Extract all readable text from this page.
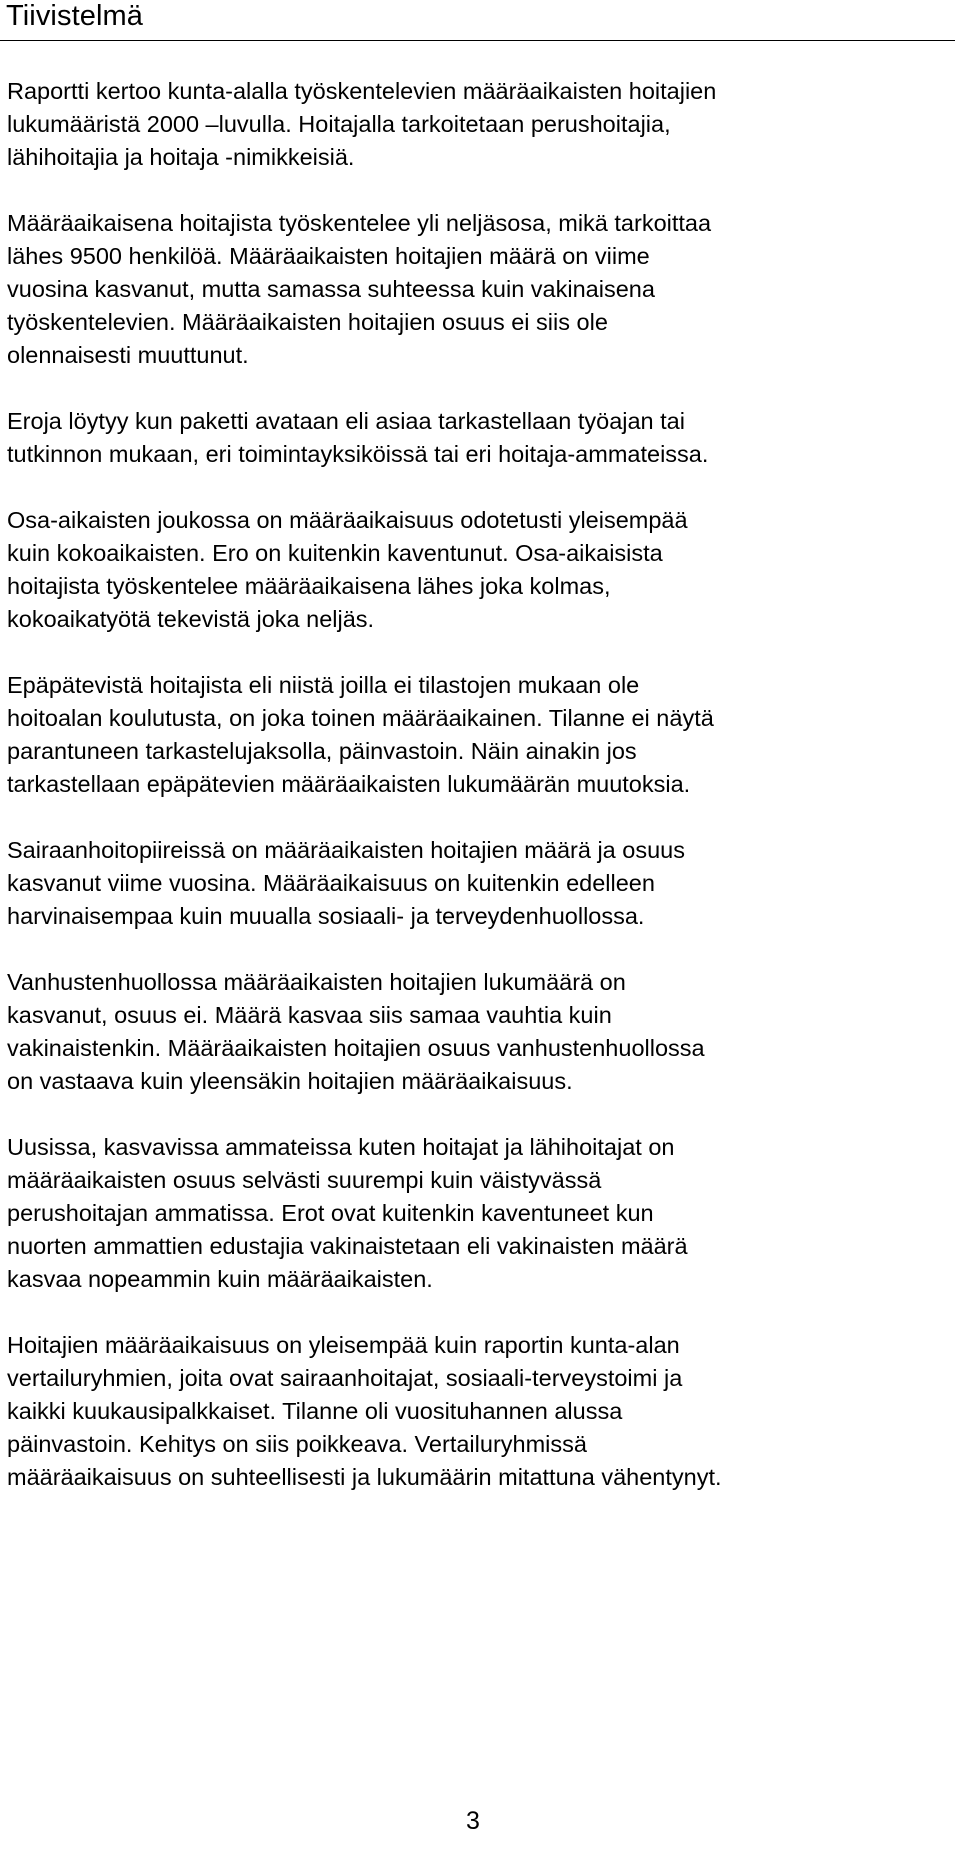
Tiivistelmä

Raportti kertoo kunta-alalla työskentelevien määräaikaisten hoitajien
lukumääristä 2000 –luvulla. Hoitajalla tarkoitetaan perushoitajia,
lähihoitajia ja hoitaja -nimikkeisiä.

Määräaikaisena hoitajista työskentelee yli neljäsosa, mikä tarkoittaa
lähes 9500 henkilöä. Määräaikaisten hoitajien määrä on viime
vuosina kasvanut, mutta samassa suhteessa kuin vakinaisena
työskentelevien. Määräaikaisten hoitajien osuus ei siis ole
olennaisesti muuttunut.

Eroja löytyy kun paketti avataan eli asiaa tarkastellaan työajan tai
tutkinnon mukaan, eri toimintayksiköissä tai eri hoitaja-ammateissa.

Osa-aikaisten joukossa on määräaikaisuus odotetusti yleisempää
kuin kokoaikaisten. Ero on kuitenkin kaventunut. Osa-aikaisista
hoitajista työskentelee määräaikaisena lähes joka kolmas,
kokoaikatyötä tekevistä joka neljäs.

Epäpätevistä hoitajista eli niistä joilla ei tilastojen mukaan ole
hoitoalan koulutusta, on joka toinen määräaikainen. Tilanne ei näytä
parantuneen tarkastelujaksolla, päinvastoin. Näin ainakin jos
tarkastellaan epäpätevien määräaikaisten lukumäärän muutoksia.

Sairaanhoitopiireissä on määräaikaisten hoitajien määrä ja osuus
kasvanut viime vuosina. Määräaikaisuus on kuitenkin edelleen
harvinaisempaa kuin muualla sosiaali- ja terveydenhuollossa.

Vanhustenhuollossa määräaikaisten hoitajien lukumäärä on
kasvanut, osuus ei. Määrä kasvaa siis samaa vauhtia kuin
vakinaistenkin. Määräaikaisten hoitajien osuus vanhustenhuollossa
on vastaava kuin yleensäkin hoitajien määräaikaisuus.

Uusissa, kasvavissa ammateissa kuten hoitajat ja lähihoitajat on
määräaikaisten osuus selvästi suurempi kuin väistyvässä
perushoitajan ammatissa. Erot ovat kuitenkin kaventuneet kun
nuorten ammattien edustajia vakinaistetaan eli vakinaisten määrä
kasvaa nopeammin kuin määräaikaisten.

Hoitajien määräaikaisuus on yleisempää kuin raportin kunta-alan
vertailuryhmien, joita ovat sairaanhoitajat, sosiaali-terveystoimi ja
kaikki kuukausipalkkaiset. Tilanne oli vuosituhannen alussa
päinvastoin. Kehitys on siis poikkeava. Vertailuryhmissä
määräaikaisuus on suhteellisesti ja lukumäärin mitattuna vähentynyt.

3
